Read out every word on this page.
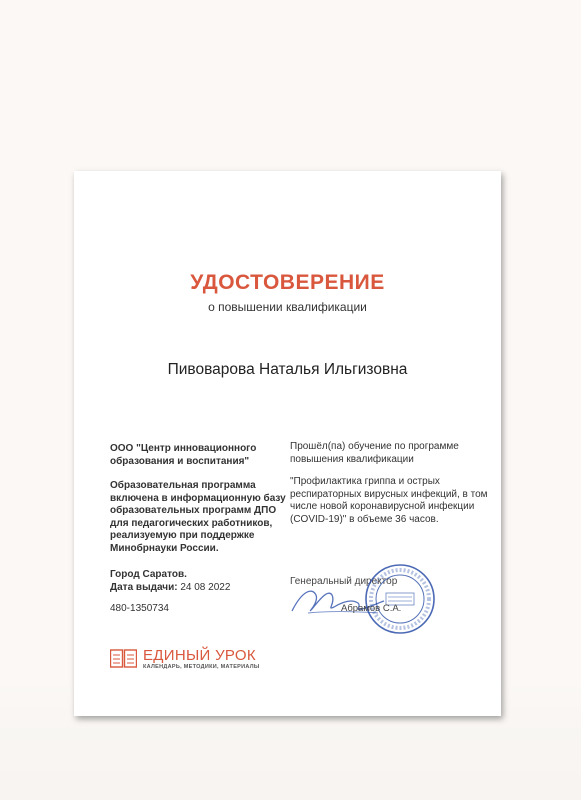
УДОСТОВЕРЕНИЕ
о повышении квалификации
Пивоварова Наталья Ильгизовна
ООО "Центр инновационного образования и воспитания"
Образовательная программа включена в информационную базу образовательных программ ДПО для педагогических работников, реализуемую при поддержке Минобрнауки России.
Прошёл(па) обучение по программе повышения квалификации
"Профилактика гриппа и острых респираторных вирусных инфекций, в том числе новой коронавирусной инфекции (COVID-19)" в объеме 36 часов.
Город Саратов.
Дата выдачи: 24 08 2022
480-1350734
Генеральный директор
Абрамов С.А.
ЕДИНЫЙ УРОК
КАЛЕНДАРЬ, МЕТОДИКИ, МАТЕРИАЛЫ
